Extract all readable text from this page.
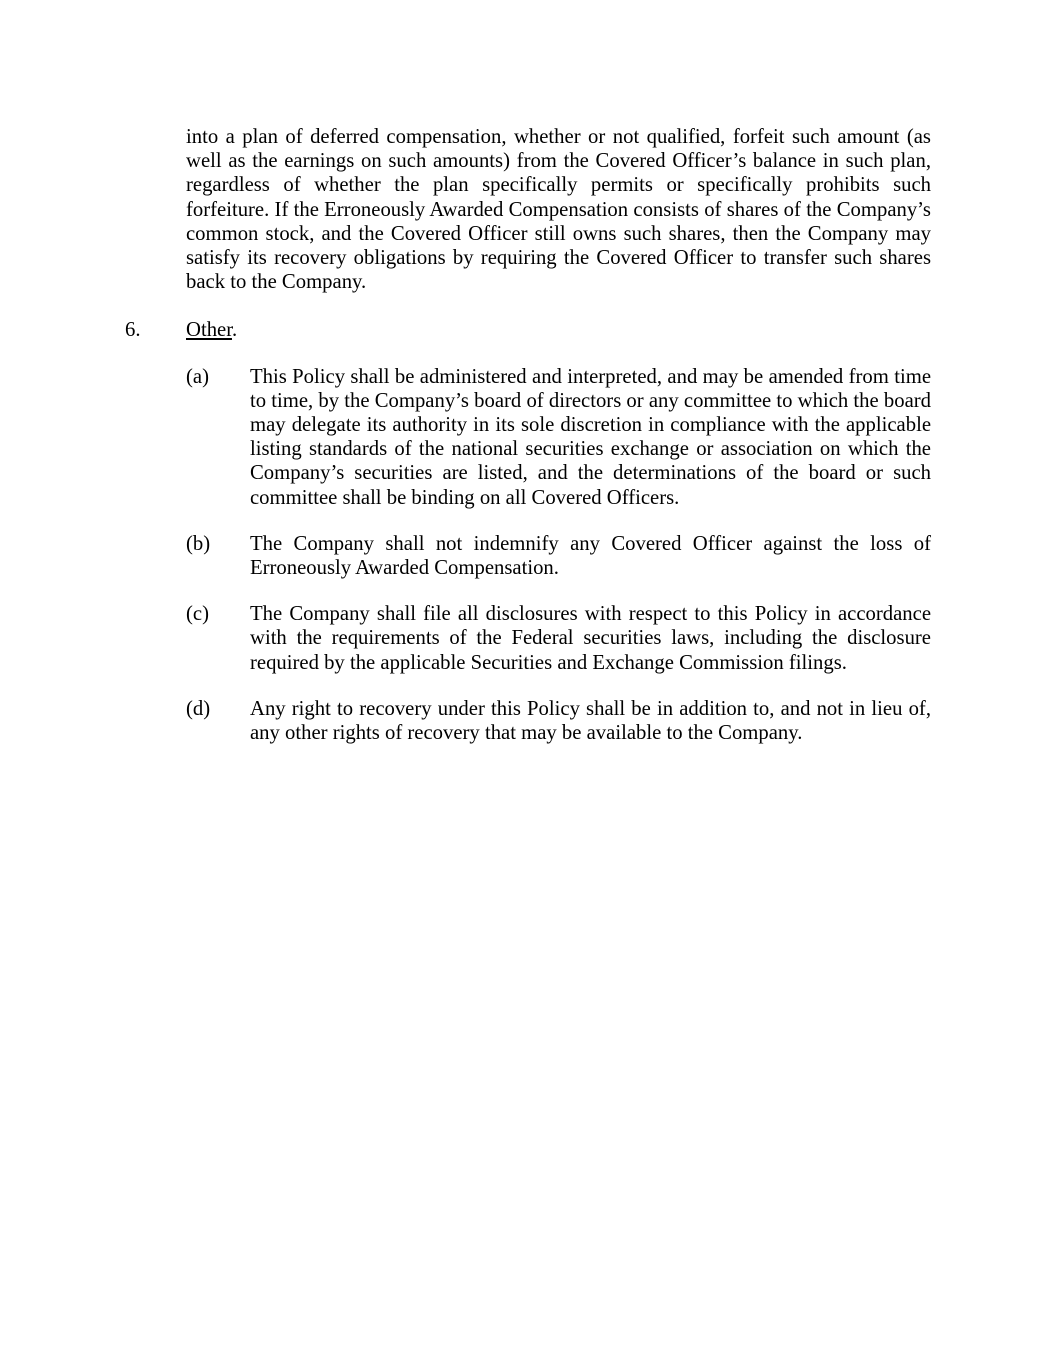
into a plan of deferred compensation, whether or not qualified, forfeit such amount (as well as the earnings on such amounts) from the Covered Officer’s balance in such plan, regardless of whether the plan specifically permits or specifically prohibits such forfeiture. If the Erroneously Awarded Compensation consists of shares of the Company’s common stock, and the Covered Officer still owns such shares, then the Company may satisfy its recovery obligations by requiring the Covered Officer to transfer such shares back to the Company.

6. Other.
(a)	This Policy shall be administered and interpreted, and may be amended from time to time, by the Company’s board of directors or any committee to which the board may delegate its authority in its sole discretion in compliance with the applicable listing standards of the national securities exchange or association on which the Company’s securities are listed, and the determinations of the board or such committee shall be binding on all Covered Officers.

(b)	The Company shall not indemnify any Covered Officer against the loss of Erroneously Awarded Compensation.

(c)	The Company shall file all disclosures with respect to this Policy in accordance with the requirements of the Federal securities laws, including the disclosure required by the applicable Securities and Exchange Commission filings.

(d)	Any right to recovery under this Policy shall be in addition to, and not in lieu of, any other rights of recovery that may be available to the Company.
